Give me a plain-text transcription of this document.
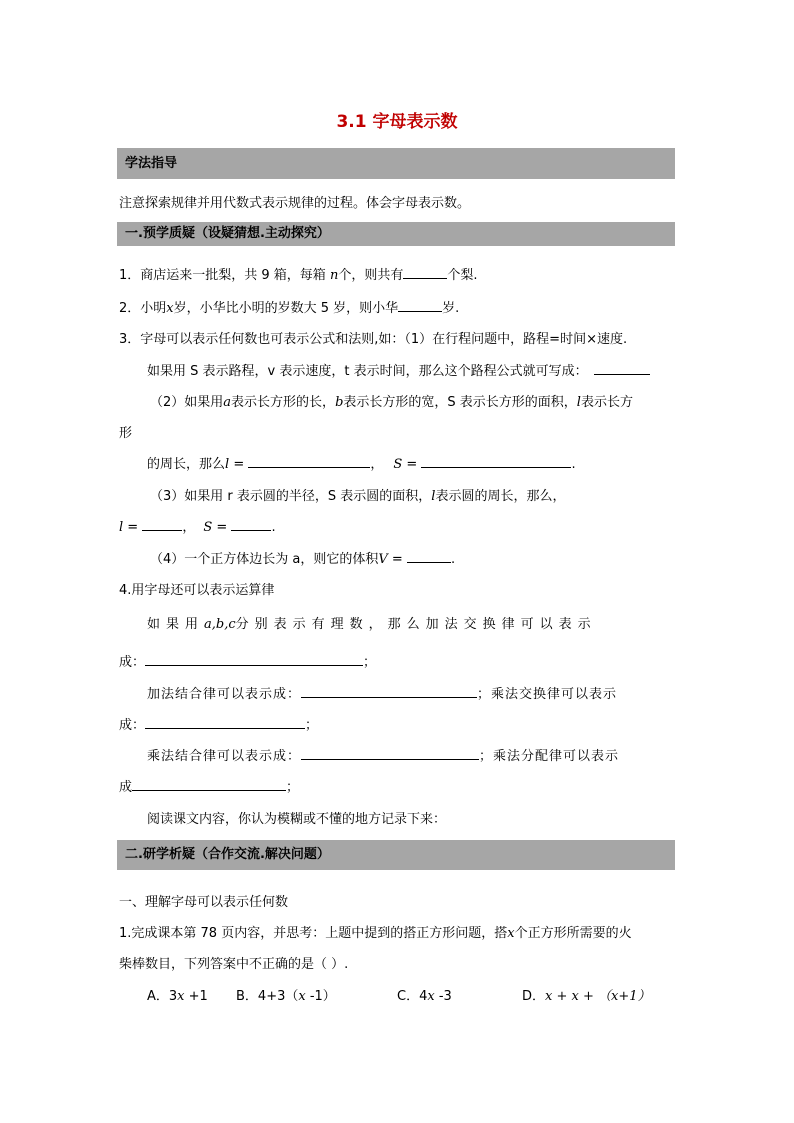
3.1 字母表示数
学法指导
注意探索规律并用代数式表示规律的过程。体会字母表示数。
一.预学质疑（设疑猜想.主动探究）
1．商店运来一批梨，共 9 箱，每箱 n个，则共有	个梨.
2．小明x岁，小华比小明的岁数大 5 岁，则小华	岁.
3．字母可以表示任何数也可表示公式和法则,如：（1）在行程问题中，路程=时间×速度.
如果用 S 表示路程，v 表示速度，t 表示时间，那么这个路程公式就可写成：
（2）如果用a表示长方形的长，b表示长方形的宽，S 表示长方形的面积，l表示长方
形
的周长，那么l =	， S =	.
（3）如果用 r 表示圆的半径，S 表示圆的面积，l表示圆的周长，那么，
l =	， S =	.
（4）一个正方体边长为 a，则它的体积V =	.
4.用字母还可以表示运算律
如果用a,b,c分别表示有理数，那么加法交换律可以表示
成：	；
加法结合律可以表示成：	；乘法交换律可以表示
成：	；
乘法结合律可以表示成：	；乘法分配律可以表示
成	；
阅读课文内容，你认为模糊或不懂的地方记录下来：
二.研学析疑（合作交流.解决问题）
一、理解字母可以表示任何数
1.完成课本第 78 页内容，并思考：上题中提到的搭正方形问题，搭x个正方形所需要的火
柴棒数目，下列答案中不正确的是（ ）.
A．3x +1 B．4+3（x -1）	C．4x -3	D．x + x + （x+1）
